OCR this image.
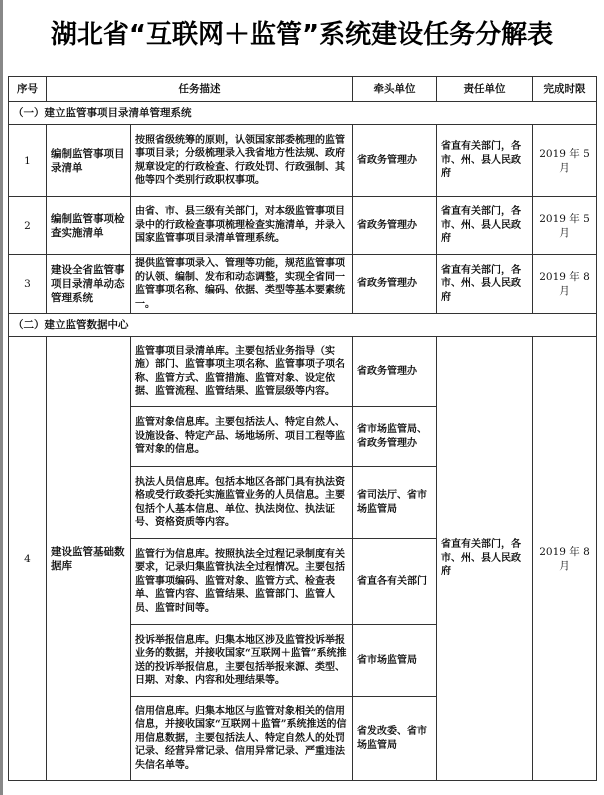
湖北省“互联网＋监管”系统建设任务分解表
序号	任务描述		牵头单位	责任单位	完成时限
（一）建立监管事项目录清单管理系统					
1	编制监管事项目录清单	按照省级统筹的原则，认领国家部委梳理的监管事项目录；分级梳理录入我省地方性法规、政府规章设定的行政检查、行政处罚、行政强制、其他等四个类别行政职权事项。	省政务管理办	省直有关部门，各市、州、县人民政府	2019 年 5 月
2	编制监管事项检查实施清单	由省、市、县三级有关部门，对本级监管事项目录中的行政检查事项梳理检查实施清单，并录入国家监管事项目录清单管理系统。	省政务管理办	省直有关部门，各市、州、县人民政府	2019 年 5 月
3	建设全省监管事项目录清单动态管理系统	提供监管事项录入、管理等功能，规范监管事项的认领、编制、发布和动态调整，实现全省同一监管事项名称、编码、依据、类型等基本要素统一。	省政务管理办	省直有关部门，各市、州、县人民政府	2019 年 8 月
（二）建立监管数据中心					
4	建设监管基础数据库	监管事项目录清单库。主要包括业务指导（实施）部门、监管事项主项名称、监管事项子项名称、监管方式、监管措施、监管对象、设定依据、监管流程、监管结果、监管层级等内容。	省政务管理办	省直有关部门，各市、州、县人民政府	2019 年 8 月
		监管对象信息库。主要包括法人、特定自然人、设施设备、特定产品、场地场所、项目工程等监管对象的信息。	省市场监管局、省政务管理办		
		执法人员信息库。包括本地区各部门具有执法资格或受行政委托实施监管业务的人员信息。主要包括个人基本信息、单位、执法岗位、执法证号、资格资质等内容。	省司法厅、省市场监管局		
		监管行为信息库。按照执法全过程记录制度有关要求，记录归集监管执法全过程情况。主要包括监管事项编码、监管对象、监管方式、检查表单、监管内容、监管结果、监管部门、监管人员、监管时间等。	省直各有关部门		
		投诉举报信息库。归集本地区涉及监管投诉举报业务的数据，并接收国家“互联网＋监管”系统推送的投诉举报信息，主要包括举报来源、类型、日期、对象、内容和处理结果等。	省市场监管局		
		信用信息库。归集本地区与监管对象相关的信用信息，并接收国家“互联网＋监管”系统推送的信用信息数据，主要包括法人、特定自然人的处罚记录、经营异常记录、信用异常记录、严重违法失信名单等。	省发改委、省市场监管局		
